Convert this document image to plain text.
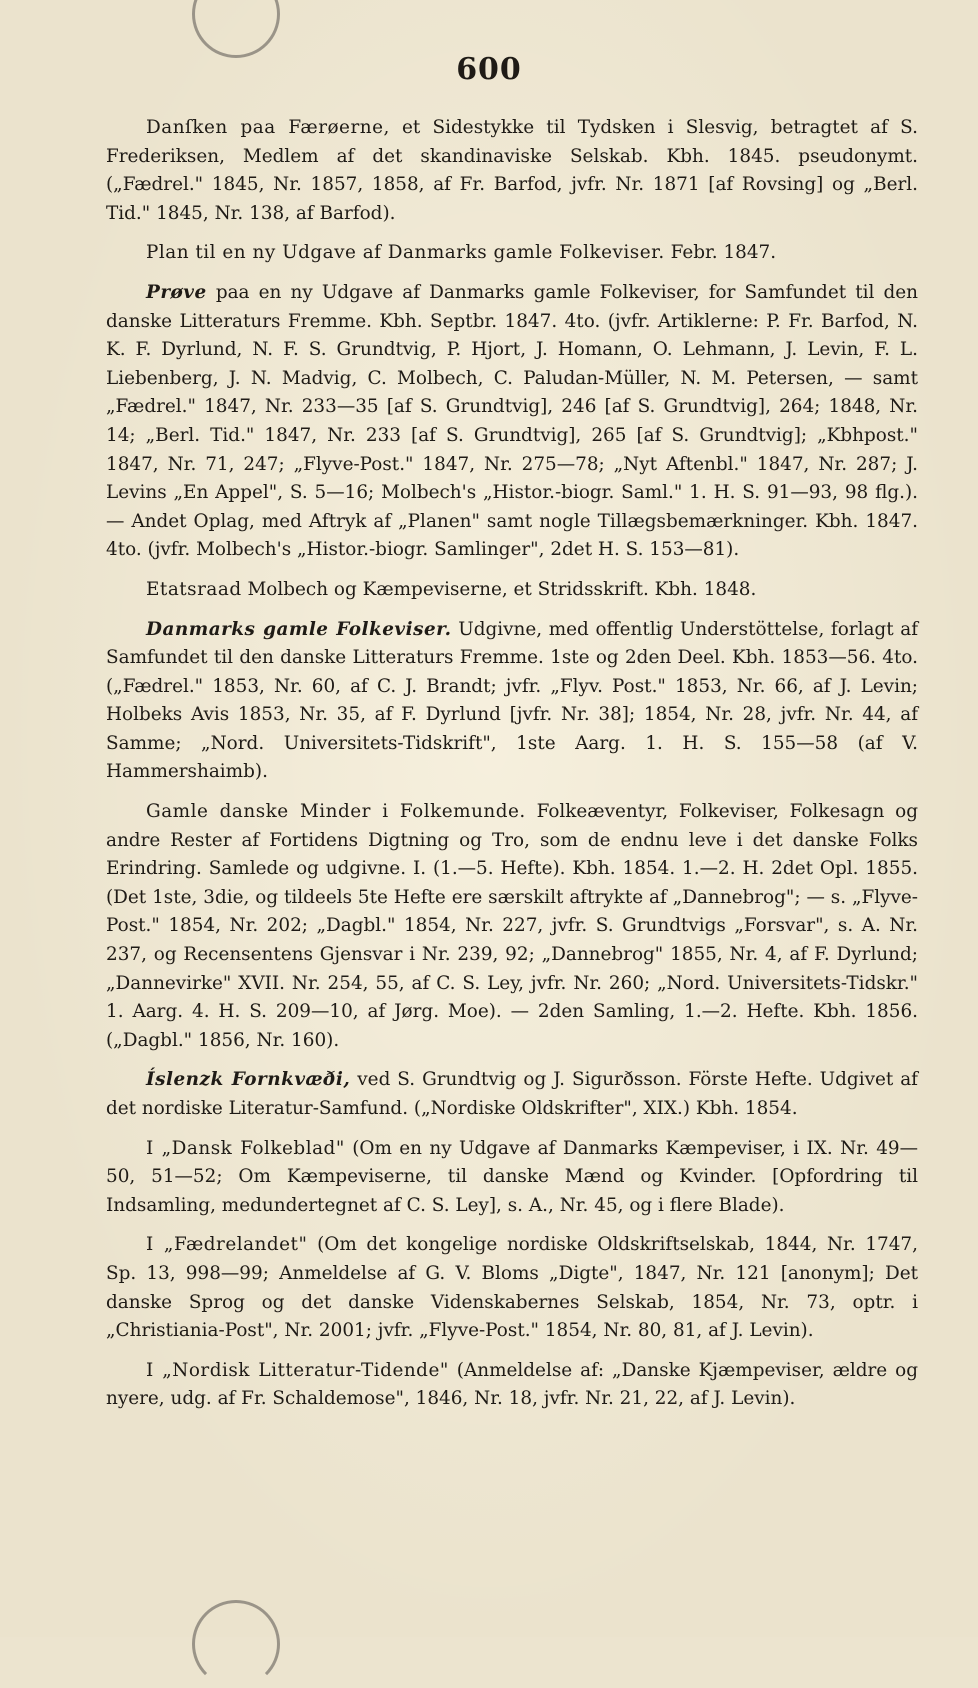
600

Danſken paa Færøerne, et Sidestykke til Tydsken i Slesvig, betragtet af S. Frederiksen, Medlem af det skandinaviske Selskab. Kbh. 1845. pseudonymt. („Fædrel." 1845, Nr. 1857, 1858, af Fr. Barfod, jvfr. Nr. 1871 [af Rovsing] og „Berl. Tid." 1845, Nr. 138, af Barfod).

Plan til en ny Udgave af Danmarks gamle Folkeviser. Febr. 1847.

Prøve paa en ny Udgave af Danmarks gamle Folkeviser, for Samfundet til den danske Litteraturs Fremme. Kbh. Septbr. 1847. 4to. (jvfr. Artiklerne: P. Fr. Barfod, N. K. F. Dyrlund, N. F. S. Grundtvig, P. Hjort, J. Homann, O. Lehmann, J. Levin, F. L. Liebenberg, J. N. Madvig, C. Molbech, C. Paludan-Müller, N. M. Petersen, — samt „Fædrel." 1847, Nr. 233—35 [af S. Grundtvig], 246 [af S. Grundtvig], 264; 1848, Nr. 14; „Berl. Tid." 1847, Nr. 233 [af S. Grundtvig], 265 [af S. Grundtvig]; „Kbhpost." 1847, Nr. 71, 247; „Flyve-Post." 1847, Nr. 275—78; „Nyt Aftenbl." 1847, Nr. 287; J. Levins „En Appel", S. 5—16; Molbech's „Histor.-biogr. Saml." 1. H. S. 91—93, 98 flg.). — Andet Oplag, med Aftryk af „Planen" samt nogle Tillægsbemærkninger. Kbh. 1847. 4to. (jvfr. Molbech's „Histor.-biogr. Samlinger", 2det H. S. 153—81).

Etatsraad Molbech og Kæmpeviserne, et Stridsskrift. Kbh. 1848.

Danmarks gamle Folkeviser. Udgivne, med offentlig Understöttelse, forlagt af Samfundet til den danske Litteraturs Fremme. 1ste og 2den Deel. Kbh. 1853—56. 4to. („Fædrel." 1853, Nr. 60, af C. J. Brandt; jvfr. „Flyv. Post." 1853, Nr. 66, af J. Levin; Holbeks Avis 1853, Nr. 35, af F. Dyrlund [jvfr. Nr. 38]; 1854, Nr. 28, jvfr. Nr. 44, af Samme; „Nord. Universitets-Tidskrift", 1ste Aarg. 1. H. S. 155—58 (af V. Hammershaimb).

Gamle danske Minder i Folkemunde. Folkeæventyr, Folkeviser, Folkesagn og andre Rester af Fortidens Digtning og Tro, som de endnu leve i det danske Folks Erindring. Samlede og udgivne. I. (1.—5. Hefte). Kbh. 1854. 1.—2. H. 2det Opl. 1855. (Det 1ste, 3die, og tildeels 5te Hefte ere særskilt aftrykte af „Dannebrog"; — s. „Flyve-Post." 1854, Nr. 202; „Dagbl." 1854, Nr. 227, jvfr. S. Grundtvigs „Forsvar", s. A. Nr. 237, og Recensentens Gjensvar i Nr. 239, 92; „Dannebrog" 1855, Nr. 4, af F. Dyrlund; „Dannevirke" XVII. Nr. 254, 55, af C. S. Ley, jvfr. Nr. 260; „Nord. Universitets-Tidskr." 1. Aarg. 4. H. S. 209—10, af Jørg. Moe). — 2den Samling, 1.—2. Hefte. Kbh. 1856. („Dagbl." 1856, Nr. 160).

Íslenzk Fornkvæði, ved S. Grundtvig og J. Sigurðsson. Förste Hefte. Udgivet af det nordiske Literatur-Samfund. („Nordiske Oldskrifter", XIX.) Kbh. 1854.

I „Dansk Folkeblad" (Om en ny Udgave af Danmarks Kæmpeviser, i IX. Nr. 49—50, 51—52; Om Kæmpeviserne, til danske Mænd og Kvinder. [Opfordring til Indsamling, medundertegnet af C. S. Ley], s. A., Nr. 45, og i flere Blade).

I „Fædrelandet" (Om det kongelige nordiske Oldskriftselskab, 1844, Nr. 1747, Sp. 13, 998—99; Anmeldelse af G. V. Bloms „Digte", 1847, Nr. 121 [anonym]; Det danske Sprog og det danske Videnskabernes Selskab, 1854, Nr. 73, optr. i „Christiania-Post", Nr. 2001; jvfr. „Flyve-Post." 1854, Nr. 80, 81, af J. Levin).

I „Nordisk Litteratur-Tidende" (Anmeldelse af: „Danske Kjæmpeviser, ældre og nyere, udg. af Fr. Schaldemose", 1846, Nr. 18, jvfr. Nr. 21, 22, af J. Levin).
